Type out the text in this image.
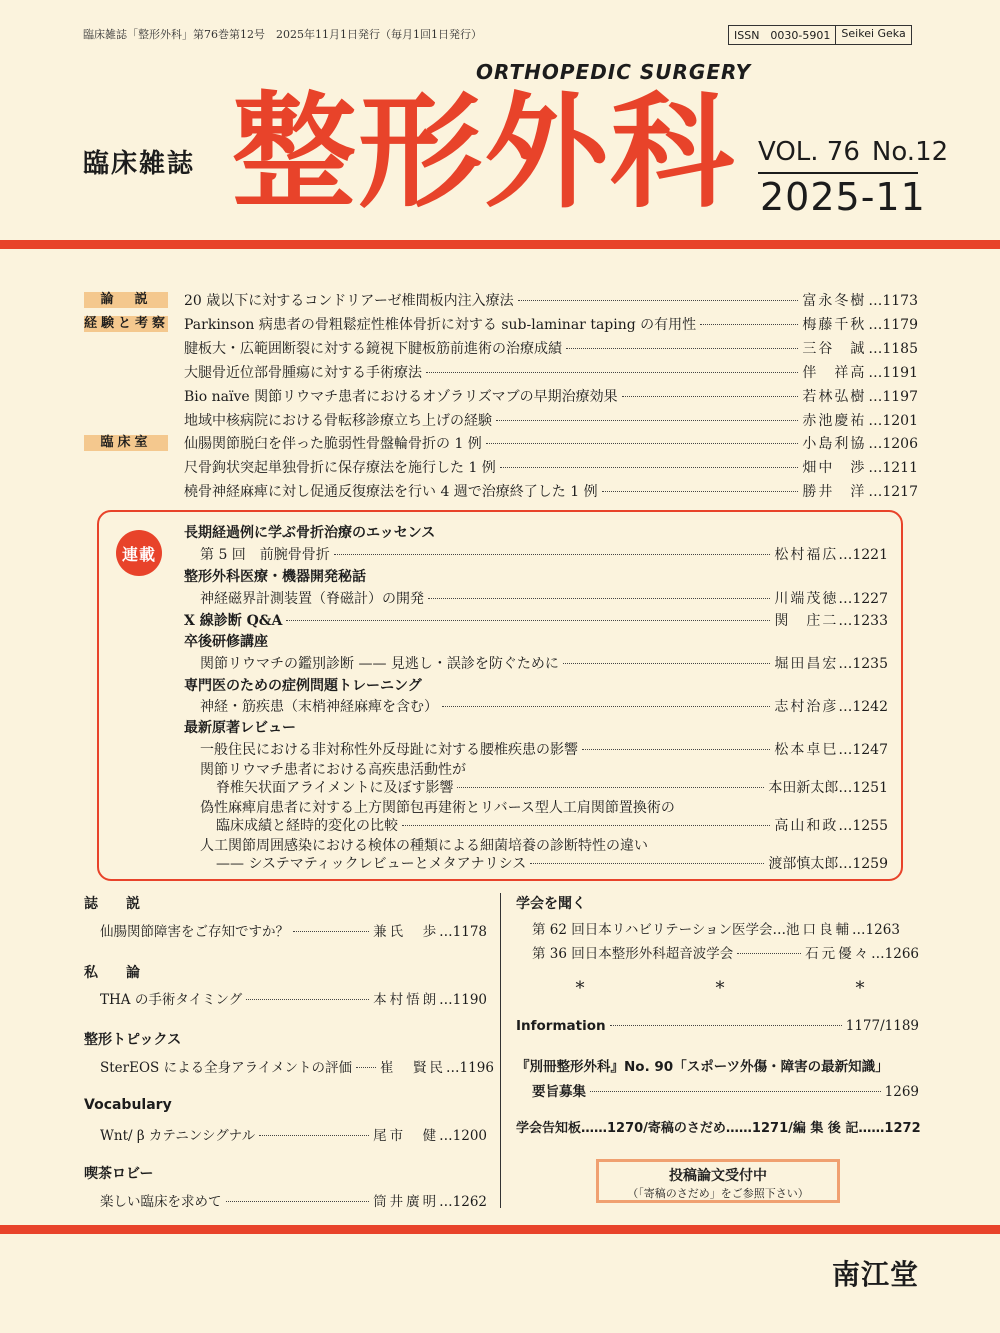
臨床雑誌「整形外科」第76巻第12号　2025年11月1日発行（毎月1回1日発行）	ISSN　0030-5901	Seikei Geka
ORTHOPEDIC SURGERY
臨床雑誌 整形外科 VOL. 76 No.12
2025-11
論　説
経験と考察
臨床室
20 歳以下に対するコンドリアーゼ椎間板内注入療法	富永冬樹 … 1173
Parkinson 病患者の骨粗鬆症性椎体骨折に対する sub-laminar taping の有用性	梅藤千秋 … 1179
腱板大・広範囲断裂に対する鏡視下腱板筋前進術の治療成績	三谷　誠 … 1185
大腿骨近位部骨腫瘍に対する手術療法	伴　祥高 … 1191
Bio naïve 関節リウマチ患者におけるオゾラリズマブの早期治療効果	若林弘樹 … 1197
地域中核病院における骨転移診療立ち上げの経験	赤池慶祐 … 1201
仙腸関節脱臼を伴った脆弱性骨盤輪骨折の 1 例	小島利協 … 1206
尺骨鉤状突起単独骨折に保存療法を施行した 1 例	畑中　渉 … 1211
橈骨神経麻痺に対し促通反復療法を行い 4 週で治療終了した 1 例	勝井　洋 … 1217
連載
長期経過例に学ぶ骨折治療のエッセンス
第 5 回　前腕骨骨折	松村福広 … 1221
整形外科医療・機器開発秘話
神経磁界計測装置（脊磁計）の開発	川端茂徳 … 1227
X 線診断 Q&A	関　庄二 … 1233
卒後研修講座
関節リウマチの鑑別診断 —— 見逃し・誤診を防ぐために	堀田昌宏 … 1235
専門医のための症例問題トレーニング
神経・筋疾患（末梢神経麻痺を含む）	志村治彦 … 1242
最新原著レビュー
一般住民における非対称性外反母趾に対する腰椎疾患の影響	松本卓巳 … 1247
関節リウマチ患者における高疾患活動性が
脊椎矢状面アライメントに及ぼす影響	本田新太郎 … 1251
偽性麻痺肩患者に対する上方関節包再建術とリバース型人工肩関節置換術の
臨床成績と経時的変化の比較	高山和政 … 1255
人工関節周囲感染における検体の種類による細菌培養の診断特性の違い
—— システマティックレビューとメタアナリシス	渡部慎太郎 … 1259
誌　　説
仙腸関節障害をご存知ですか？	兼氏　歩 … 1178
私　　論
THA の手術タイミング	本村悟朗 … 1190
整形トピックス
SterEOS による全身アライメントの評価 崔　賢民 … 1196
Vocabulary
Wnt/ β カテニンシグナル	尾市　健 … 1200
喫茶ロビー
楽しい臨床を求めて	筒井廣明 … 1262
学会を聞く
第 62 回日本リハビリテーション医学会 … 池口良輔 … 1263
第 36 回日本整形外科超音波学会	石元優々 … 1266
*	*	*
Information	1177/1189
『別冊整形外科』No. 90「スポーツ外傷・障害の最新知識」
要旨募集	1269
学会告知板……1270/寄稿のさだめ……1271/編 集 後 記……1272
投稿論文受付中
（「寄稿のさだめ」をご参照下さい）
南江堂
